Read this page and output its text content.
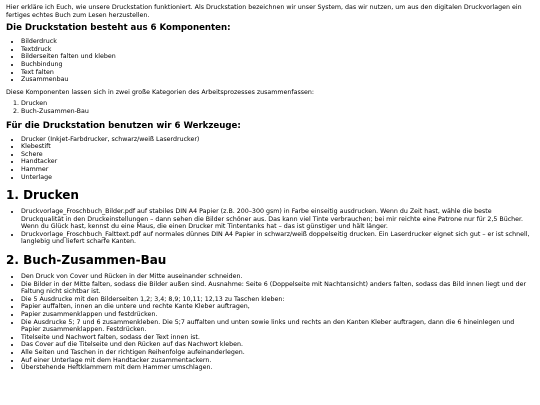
Hier erkläre ich Euch, wie unsere Druckstation funktioniert. Als Druckstation bezeichnen wir unser System, das wir nutzen, um aus den digitalen Druckvorlagen ein fertiges echtes Buch zum Lesen herzustellen.

Die Druckstation besteht aus 6 Komponenten:
• Bilderdruck
• Textdruck
• Bilderseiten falten und kleben
• Buchbindung
• Text falten
• Zusammenbau

Diese Komponenten lassen sich in zwei große Kategorien des Arbeitsprozesses zusammenfassen:

1. Drucken
2. Buch-Zusammen-Bau
Für die Druckstation benutzen wir 6 Werkzeuge:
• Drucker (Inkjet-Farbdrucker, schwarz/weiß Laserdrucker)
• Klebestift
• Schere
• Handtacker
• Hammer
• Unterlage
1. Drucken
• Druckvorlage_Froschbuch_Bilder.pdf auf stabiles DIN A4 Papier (z.B. 200–300 gsm) in Farbe einseitig ausdrucken. Wenn du Zeit hast, wähle die beste Druckqualität in den Druckeinstellungen – dann sehen die Bilder schöner aus. Das kann viel Tinte verbrauchen; bei mir reichte eine Patrone nur für 2,5 Bücher. Wenn du Glück hast, kennst du eine Maus, die einen Drucker mit Tintentanks hat – das ist günstiger und hält länger.
• Druckvorlage_Froschbuch_Falttext.pdf auf normales dünnes DIN A4 Papier in schwarz/weiß doppelseitig drucken. Ein Laserdrucker eignet sich gut – er ist schnell, langlebig und liefert scharfe Kanten.
2. Buch-Zusammen-Bau
• Den Druck von Cover und Rücken in der Mitte auseinander schneiden.
• Die Bilder in der Mitte falten, sodass die Bilder außen sind. Ausnahme: Seite 6 (Doppelseite mit Nachtansicht) anders falten, sodass das Bild innen liegt und der Faltung nicht sichtbar ist.
• Die 5 Ausdrucke mit den Bilderseiten 1,2; 3,4; 8,9; 10,11; 12,13 zu Taschen kleben:
• Papier auffalten, innen an die untere und rechte Kante Kleber auftragen,
• Papier zusammenklappen und festdrücken.
• Die Ausdrucke 5; 7 und 6 zusammenkleben. Die 5;7 auffalten und unten sowie links und rechts an den Kanten Kleber auftragen, dann die 6 hineinlegen und Papier zusammenklappen. Festdrücken.
• Titelseite und Nachwort falten, sodass der Text innen ist.
• Das Cover auf die Titelseite und den Rücken auf das Nachwort kleben.
• Alle Seiten und Taschen in der richtigen Reihenfolge aufeinanderlegen.
• Auf einer Unterlage mit dem Handtacker zusammentackern.
• Überstehende Heftklammern mit dem Hammer umschlagen.
